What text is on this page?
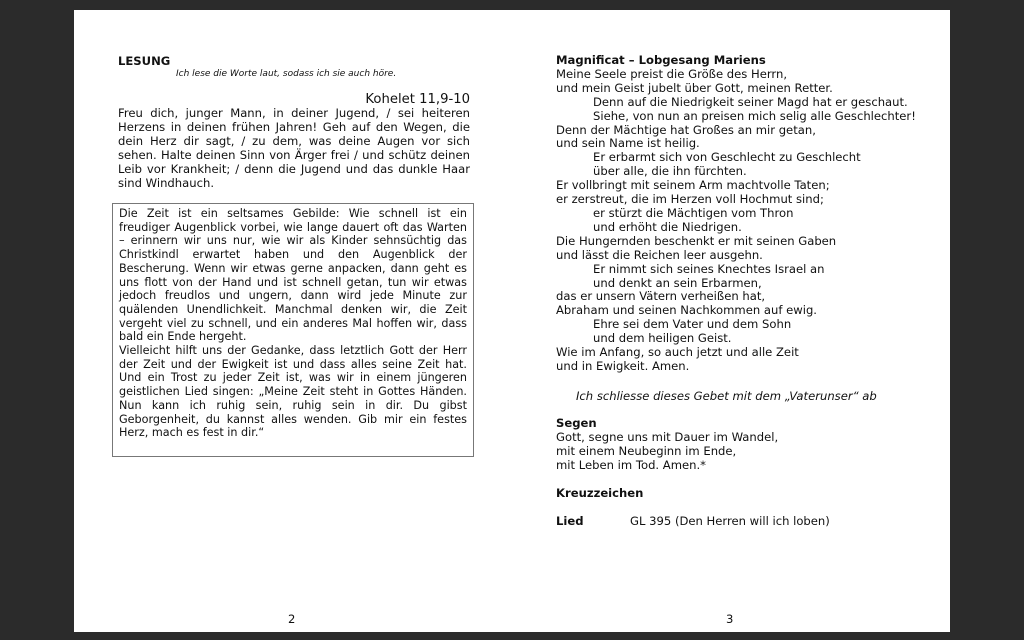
LESUNG
Ich lese die Worte laut, sodass ich sie auch höre.
Kohelet 11,9-10

Freu dich, junger Mann, in deiner Jugend, / sei heiteren Herzens in deinen frühen Jahren! Geh auf den Wegen, die dein Herz dir sagt, / zu dem, was deine Augen vor sich sehen. Halte deinen Sinn von Ärger frei / und schütz deinen Leib vor Krankheit; / denn die Jugend und das dunkle Haar sind Windhauch.

Die Zeit ist ein seltsames Gebilde: Wie schnell ist ein freudiger Augenblick vorbei, wie lange dauert oft das Warten – erinnern wir uns nur, wie wir als Kinder sehnsüchtig das Christkindl erwartet haben und den Augenblick der Bescherung. Wenn wir etwas gerne anpacken, dann geht es uns flott von der Hand und ist schnell getan, tun wir etwas jedoch freudlos und ungern, dann wird jede Minute zur quälenden Unendlichkeit. Manchmal denken wir, die Zeit vergeht viel zu schnell, und ein anderes Mal hoffen wir, dass bald ein Ende hergeht.

Vielleicht hilft uns der Gedanke, dass letztlich Gott der Herr der Zeit und der Ewigkeit ist und dass alles seine Zeit hat. Und ein Trost zu jeder Zeit ist, was wir in einem jüngeren geistlichen Lied singen: „Meine Zeit steht in Gottes Händen. Nun kann ich ruhig sein, ruhig sein in dir. Du gibst Geborgenheit, du kannst alles wenden. Gib mir ein festes Herz, mach es fest in dir.“

2
Magnificat – Lobgesang Mariens
Meine Seele preist die Größe des Herrn,
und mein Geist jubelt über Gott, meinen Retter.
Denn auf die Niedrigkeit seiner Magd hat er geschaut.
Siehe, von nun an preisen mich selig alle Geschlechter!
Denn der Mächtige hat Großes an mir getan,
und sein Name ist heilig.
Er erbarmt sich von Geschlecht zu Geschlecht
über alle, die ihn fürchten.
Er vollbringt mit seinem Arm machtvolle Taten;
er zerstreut, die im Herzen voll Hochmut sind;
er stürzt die Mächtigen vom Thron
und erhöht die Niedrigen.
Die Hungernden beschenkt er mit seinen Gaben
und lässt die Reichen leer ausgehn.
Er nimmt sich seines Knechtes Israel an
und denkt an sein Erbarmen,
das er unsern Vätern verheißen hat,
Abraham und seinen Nachkommen auf ewig.
Ehre sei dem Vater und dem Sohn
und dem heiligen Geist.
Wie im Anfang, so auch jetzt und alle Zeit
und in Ewigkeit. Amen.
Ich schliesse dieses Gebet mit dem „Vaterunser“ ab
Segen
Gott, segne uns mit Dauer im Wandel,
mit einem Neubeginn im Ende,
mit Leben im Tod. Amen.*
Kreuzzeichen
Lied	GL 395 (Den Herren will ich loben)
3
